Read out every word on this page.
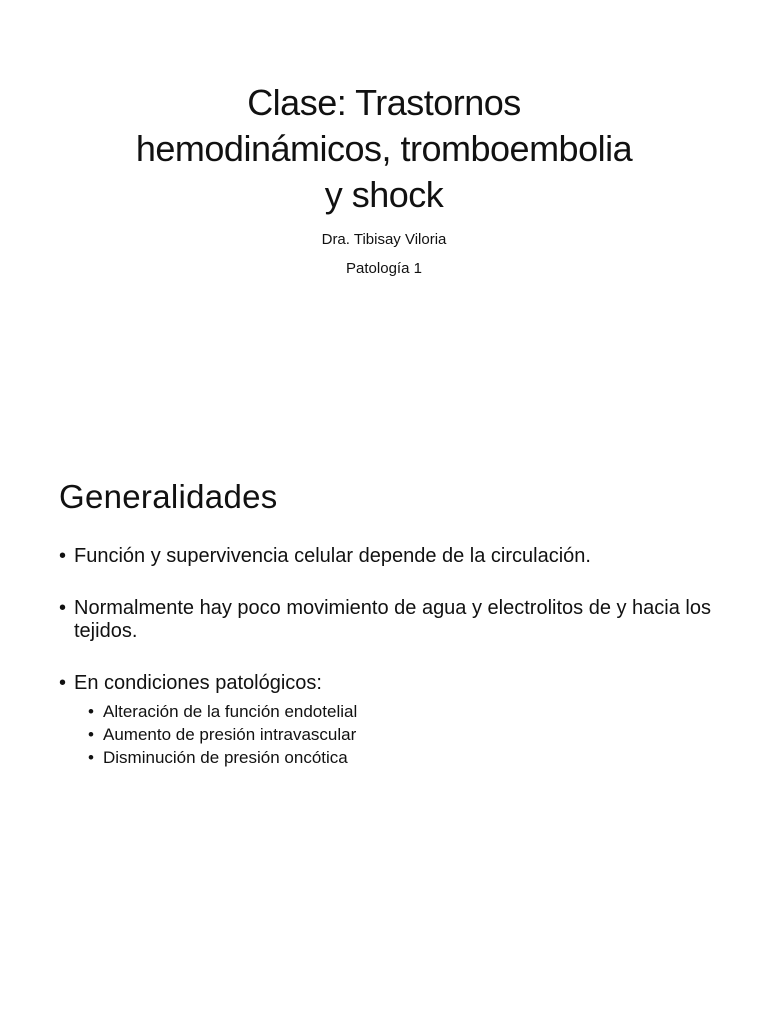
Clase: Trastornos
hemodinámicos, tromboembolia
y shock
Dra. Tibisay Viloria
Patología 1
Generalidades
• Función y supervivencia celular depende de la circulación.
• Normalmente hay poco movimiento de agua y electrolitos de y hacia los tejidos.
• En condiciones patológicos:
• Alteración de la función endotelial
• Aumento de presión intravascular
• Disminución de presión oncótica
